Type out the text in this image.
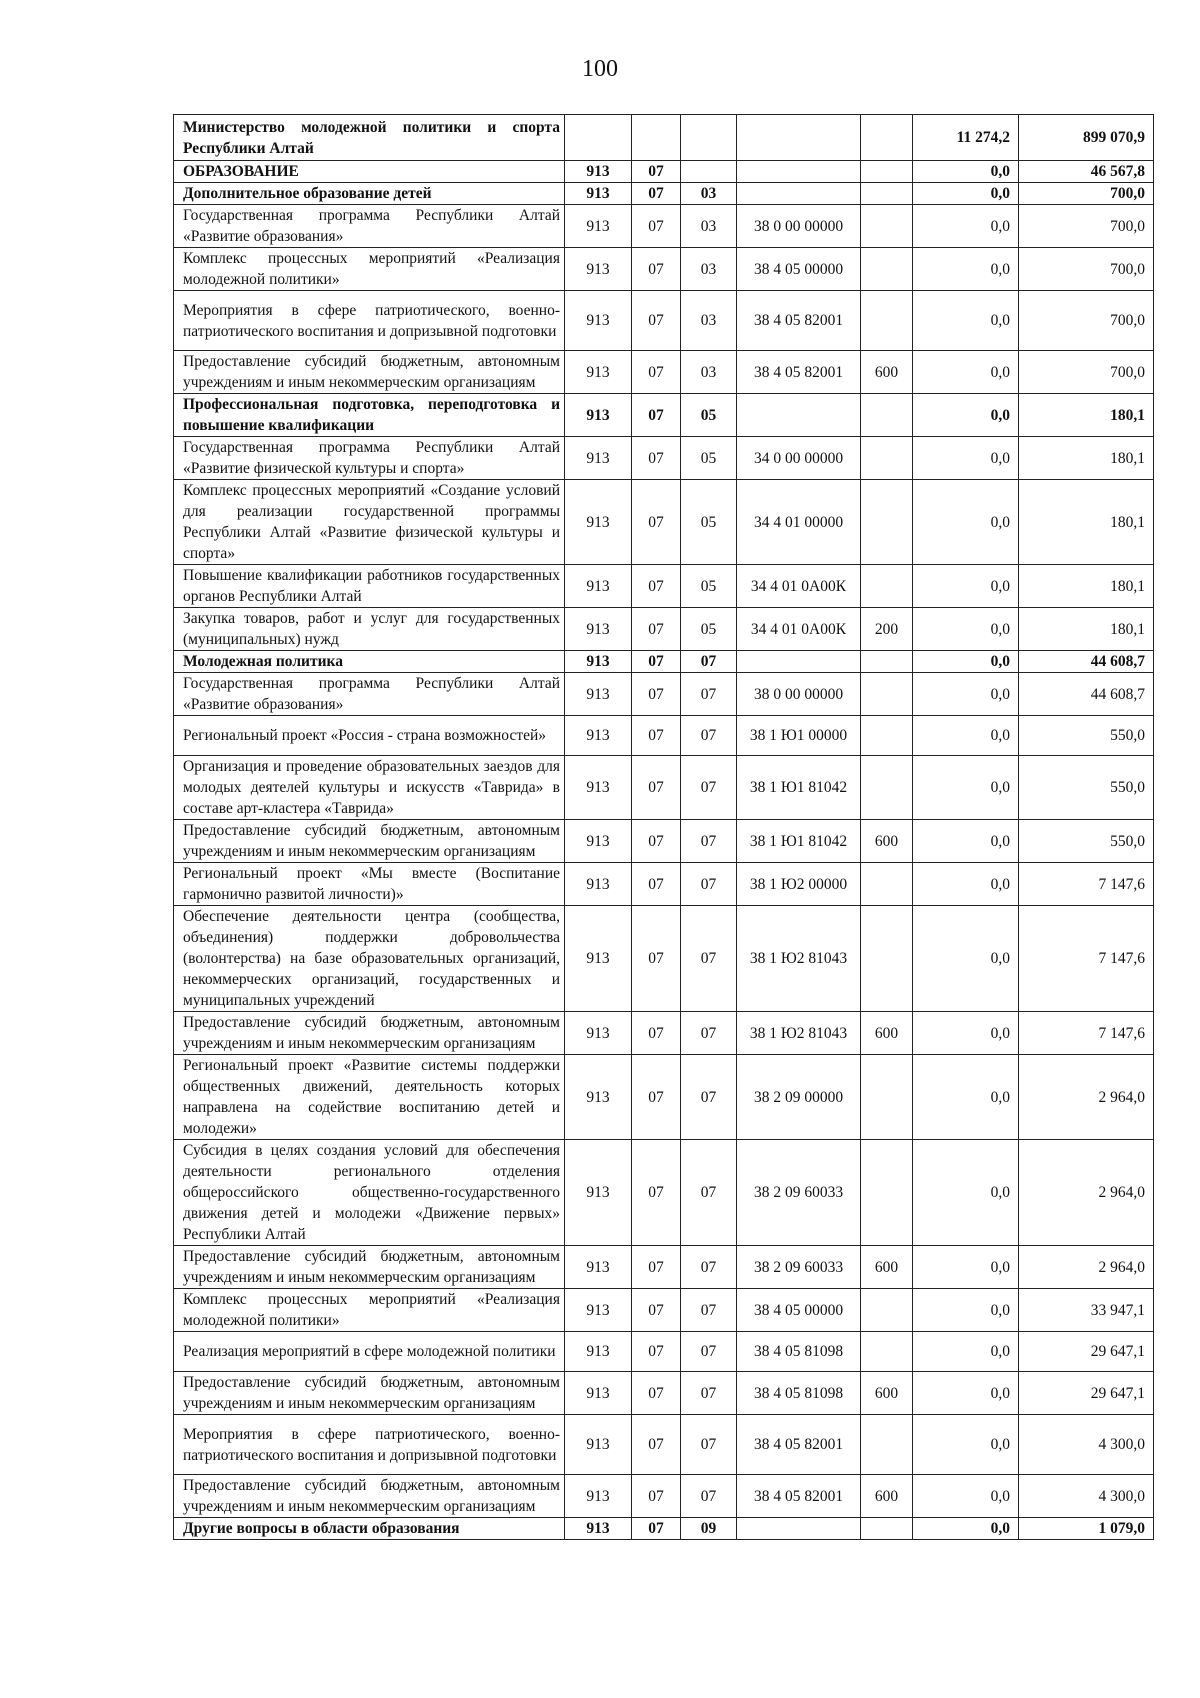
100
Министерство молодежной политики и спорта Республики Алтай						11 274,2	899 070,9
ОБРАЗОВАНИЕ	913	07				0,0	46 567,8
Дополнительное образование детей	913	07	03			0,0	700,0
Государственная программа Республики Алтай «Развитие образования»	913	07	03	38 0 00 00000		0,0	700,0
Комплекс процессных мероприятий «Реализация молодежной политики»	913	07	03	38 4 05 00000		0,0	700,0
Мероприятия в сфере патриотического, военно-патриотического воспитания и допризывной подготовки	913	07	03	38 4 05 82001		0,0	700,0
Предоставление субсидий бюджетным, автономным учреждениям и иным некоммерческим организациям	913	07	03	38 4 05 82001	600	0,0	700,0
Профессиональная подготовка, переподготовка и повышение квалификации	913	07	05			0,0	180,1
Государственная программа Республики Алтай «Развитие физической культуры и спорта»	913	07	05	34 0 00 00000		0,0	180,1
Комплекс процессных мероприятий «Создание условий для реализации государственной программы Республики Алтай «Развитие физической культуры и спорта»	913	07	05	34 4 01 00000		0,0	180,1
Повышение квалификации работников государственных органов Республики Алтай	913	07	05	34 4 01 0А00К		0,0	180,1
Закупка товаров, работ и услуг для государственных (муниципальных) нужд	913	07	05	34 4 01 0А00К	200	0,0	180,1
Молодежная политика	913	07	07			0,0	44 608,7
Государственная программа Республики Алтай «Развитие образования»	913	07	07	38 0 00 00000		0,0	44 608,7
Региональный проект «Россия - страна возможностей»	913	07	07	38 1 Ю1 00000		0,0	550,0
Организация и проведение образовательных заездов для молодых деятелей культуры и искусств «Таврида» в составе арт-кластера «Таврида»	913	07	07	38 1 Ю1 81042		0,0	550,0
Предоставление субсидий бюджетным, автономным учреждениям и иным некоммерческим организациям	913	07	07	38 1 Ю1 81042	600	0,0	550,0
Региональный проект «Мы вместе (Воспитание гармонично развитой личности)»	913	07	07	38 1 Ю2 00000		0,0	7 147,6
Обеспечение деятельности центра (сообщества, объединения) поддержки добровольчества (волонтерства) на базе образовательных организаций, некоммерческих организаций, государственных и муниципальных учреждений	913	07	07	38 1 Ю2 81043		0,0	7 147,6
Предоставление субсидий бюджетным, автономным учреждениям и иным некоммерческим организациям	913	07	07	38 1 Ю2 81043	600	0,0	7 147,6
Региональный проект «Развитие системы поддержки общественных движений, деятельность которых направлена на содействие воспитанию детей и молодежи»	913	07	07	38 2 09 00000		0,0	2 964,0
Субсидия в целях создания условий для обеспечения деятельности регионального отделения общероссийского общественно-государственного движения детей и молодежи «Движение первых» Республики Алтай	913	07	07	38 2 09 60033		0,0	2 964,0
Предоставление субсидий бюджетным, автономным учреждениям и иным некоммерческим организациям	913	07	07	38 2 09 60033	600	0,0	2 964,0
Комплекс процессных мероприятий «Реализация молодежной политики»	913	07	07	38 4 05 00000		0,0	33 947,1
Реализация мероприятий в сфере молодежной политики	913	07	07	38 4 05 81098		0,0	29 647,1
Предоставление субсидий бюджетным, автономным учреждениям и иным некоммерческим организациям	913	07	07	38 4 05 81098	600	0,0	29 647,1
Мероприятия в сфере патриотического, военно-патриотического воспитания и допризывной подготовки	913	07	07	38 4 05 82001		0,0	4 300,0
Предоставление субсидий бюджетным, автономным учреждениям и иным некоммерческим организациям	913	07	07	38 4 05 82001	600	0,0	4 300,0
Другие вопросы в области образования	913	07	09			0,0	1 079,0
